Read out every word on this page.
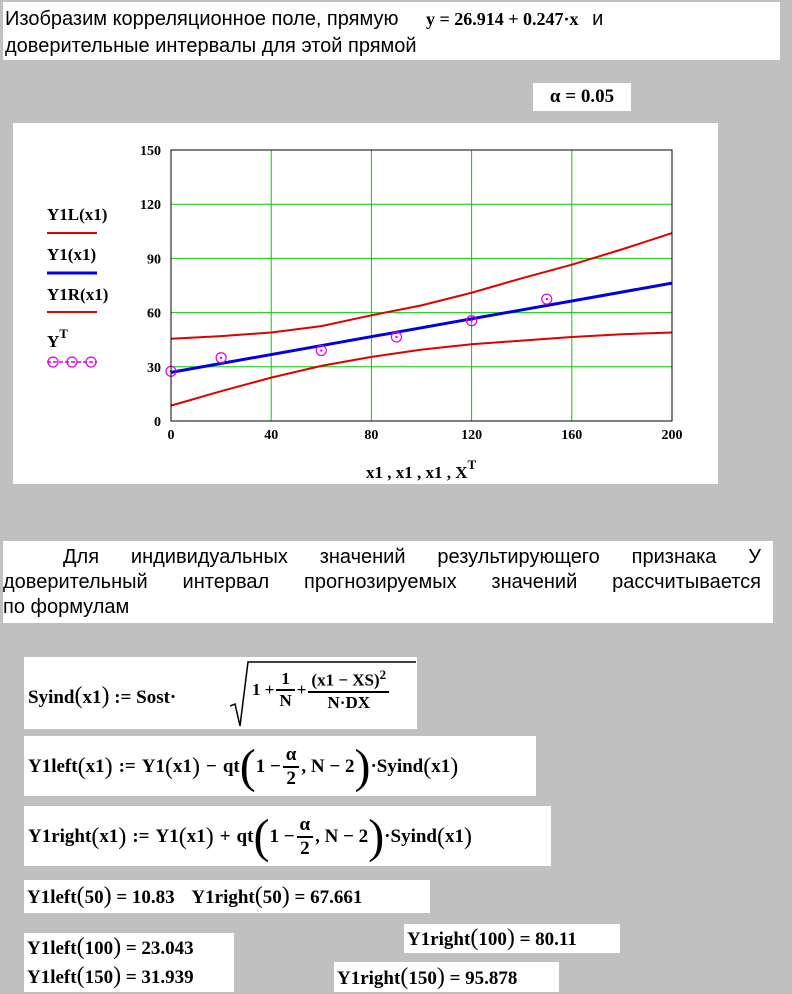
Изобразим корреляционное поле, прямую y = 26.914 + 0.247·x и
доверительные интервалы для этой прямой
α = 0.05
0	40	80	120	160	200
0
30
60
90
120
150
Y1L(x1)
Y1(x1)
Y1R(x1)
$Y^T$
x1 , x1 , x1 , $X^T$
Для индивидуальных значений результирующего признака У
доверительный интервал прогнозируемых значений рассчитывается
по формулам
Syind(x1) := Sost·	$1 + \frac{1}{N} + \frac{(x1 - XS)^2}{N\cdot DX}$
Y1left ( x1 ) := Y1 ( x1 ) − qt ( $1 - \frac{\alpha}{2}$ , N − 2 ) ·Syind ( x1 )
Y1right ( x1 ) := Y1 ( x1 ) + qt ( $1 - \frac{\alpha}{2}$ , N − 2 ) ·Syind ( x1 )
Y1left(50) = 10.83 Y1right(50) = 67.661
Y1left(100) = 23.043
Y1left(150) = 31.939
Y1right(100) = 80.11
Y1right(150) = 95.878
